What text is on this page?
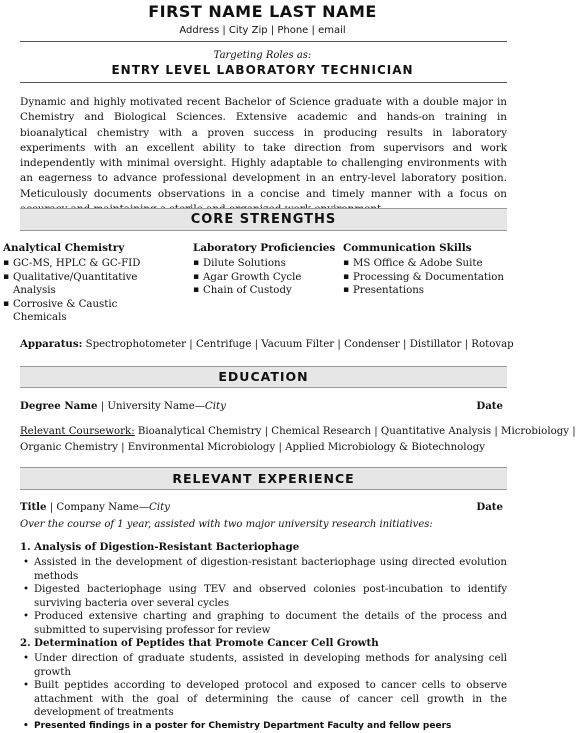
FIRST NAME LAST NAME
Address | City Zip | Phone | email
Targeting Roles as:
ENTRY LEVEL LABORATORY TECHNICIAN
Dynamic and highly motivated recent Bachelor of Science graduate with a double major in Chemistry and Biological Sciences. Extensive academic and hands-on training in bioanalytical chemistry with a proven success in producing results in laboratory experiments with an excellent ability to take direction from supervisors and work independently with minimal oversight. Highly adaptable to challenging environments with an eagerness to advance professional development in an entry-level laboratory position. Meticulously documents observations in a concise and timely manner with a focus on
CORE STRENGTHS
Analytical Chemistry
▪ GC-MS, HPLC & GC-FID
▪ Qualitative/Quantitative Analysis
▪ Corrosive & Caustic Chemicals
Laboratory Proficiencies
▪ Dilute Solutions
▪ Agar Growth Cycle
▪ Chain of Custody
Communication Skills
▪ MS Office & Adobe Suite
▪ Processing & Documentation
▪ Presentations
Apparatus: Spectrophotometer | Centrifuge | Vacuum Filter | Condenser | Distillator | Rotovap
EDUCATION
Degree Name | University Name—City	Date
Relevant Coursework: Bioanalytical Chemistry | Chemical Research | Quantitative Analysis | Microbiology |
Organic Chemistry | Environmental Microbiology | Applied Microbiology & Biotechnology
RELEVANT EXPERIENCE
Title | Company Name—City	Date
Over the course of 1 year, assisted with two major university research initiatives:
1. Analysis of Digestion-Resistant Bacteriophage
• Assisted in the development of digestion-resistant bacteriophage using directed evolution methods
• Digested bacteriophage using TEV and observed colonies post-incubation to identify surviving bacteria over several cycles
• Produced extensive charting and graphing to document the details of the process and submitted to supervising professor for review
2. Determination of Peptides that Promote Cancer Cell Growth
• Under direction of graduate students, assisted in developing methods for analysing cell growth
• Built peptides according to developed protocol and exposed to cancer cells to observe attachment with the goal of determining the cause of cancer cell growth in the development of treatments
• Presented findings in a poster for Chemistry Department Faculty and fellow peers
